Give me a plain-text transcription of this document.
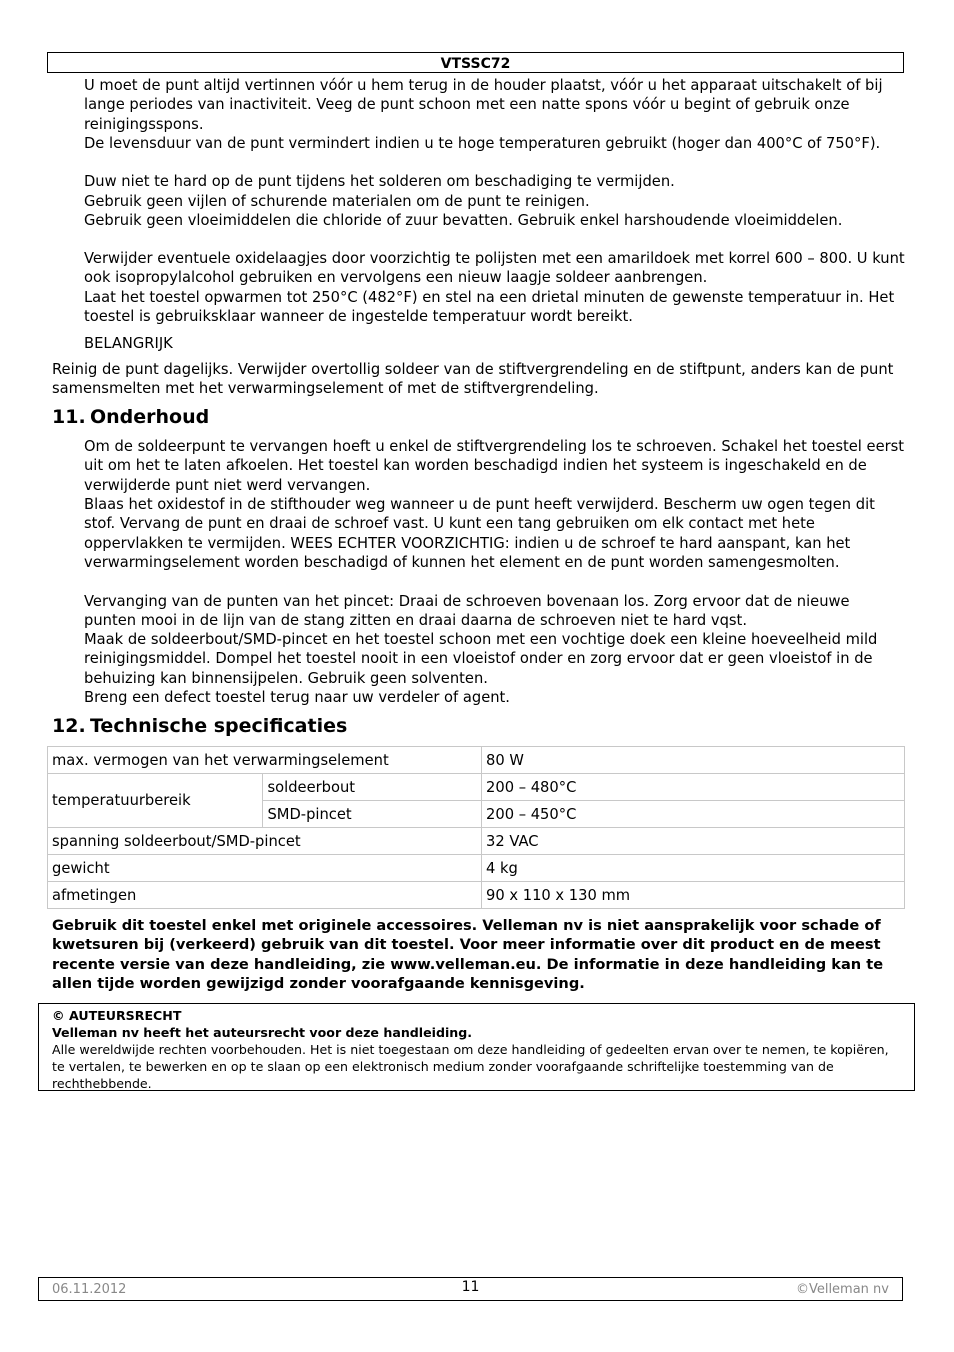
VTSSC72

U moet de punt altijd vertinnen vóór u hem terug in de houder plaatst, vóór u het apparaat uitschakelt of bij lange periodes van inactiviteit. Veeg de punt schoon met een natte spons vóór u begint of gebruik onze reinigingsspons.

De levensduur van de punt vermindert indien u te hoge temperaturen gebruikt (hoger dan 400°C of 750°F).

Duw niet te hard op de punt tijdens het solderen om beschadiging te vermijden.

Gebruik geen vijlen of schurende materialen om de punt te reinigen.

Gebruik geen vloeimiddelen die chloride of zuur bevatten. Gebruik enkel harshoudende vloeimiddelen.

Verwijder eventuele oxidelaagjes door voorzichtig te polijsten met een amarildoek met korrel 600 – 800. U kunt ook isopropylalcohol gebruiken en vervolgens een nieuw laagje soldeer aanbrengen.

Laat het toestel opwarmen tot 250°C (482°F) en stel na een drietal minuten de gewenste temperatuur in. Het toestel is gebruiksklaar wanneer de ingestelde temperatuur wordt bereikt.

BELANGRIJK

Reinig de punt dagelijks. Verwijder overtollig soldeer van de stiftvergrendeling en de stiftpunt, anders kan de punt samensmelten met het verwarmingselement of met de stiftvergrendeling.

11. Onderhoud

Om de soldeerpunt te vervangen hoeft u enkel de stiftvergrendeling los te schroeven. Schakel het toestel eerst uit om het te laten afkoelen. Het toestel kan worden beschadigd indien het systeem is ingeschakeld en de verwijderde punt niet werd vervangen.

Blaas het oxidestof in de stifthouder weg wanneer u de punt heeft verwijderd. Bescherm uw ogen tegen dit stof. Vervang de punt en draai de schroef vast. U kunt een tang gebruiken om elk contact met hete oppervlakken te vermijden. WEES ECHTER VOORZICHTIG: indien u de schroef te hard aanspant, kan het verwarmingselement worden beschadigd of kunnen het element en de punt worden samengesmolten.

Vervanging van de punten van het pincet: Draai de schroeven bovenaan los. Zorg ervoor dat de nieuwe punten mooi in de lijn van de stang zitten en draai daarna de schroeven niet te hard vqst.

Maak de soldeerbout/SMD-pincet en het toestel schoon met een vochtige doek een kleine hoeveelheid mild reinigingsmiddel. Dompel het toestel nooit in een vloeistof onder en zorg ervoor dat er geen vloeistof in de behuizing kan binnensijpelen. Gebruik geen solventen.

Breng een defect toestel terug naar uw verdeler of agent.

12. Technische specificaties
max. vermogen van het verwarmingselement		80 W
temperatuurbereik	soldeerbout	200 – 480°C
	SMD-pincet	200 – 450°C
spanning soldeerbout/SMD-pincet		32 VAC
gewicht		4 kg
afmetingen		90 x 110 x 130 mm

Gebruik dit toestel enkel met originele accessoires. Velleman nv is niet aansprakelijk voor schade of kwetsuren bij (verkeerd) gebruik van dit toestel. Voor meer informatie over dit product en de meest recente versie van deze handleiding, zie www.velleman.eu. De informatie in deze handleiding kan te allen tijde worden gewijzigd zonder voorafgaande kennisgeving.

© AUTEURSRECHT
Velleman nv heeft het auteursrecht voor deze handleiding.
Alle wereldwijde rechten voorbehouden. Het is niet toegestaan om deze handleiding of gedeelten ervan over te nemen, te kopiëren, te vertalen, te bewerken en op te slaan op een elektronisch medium zonder voorafgaande schriftelijke toestemming van de rechthebbende.
06.11.2012	11	©Velleman nv
